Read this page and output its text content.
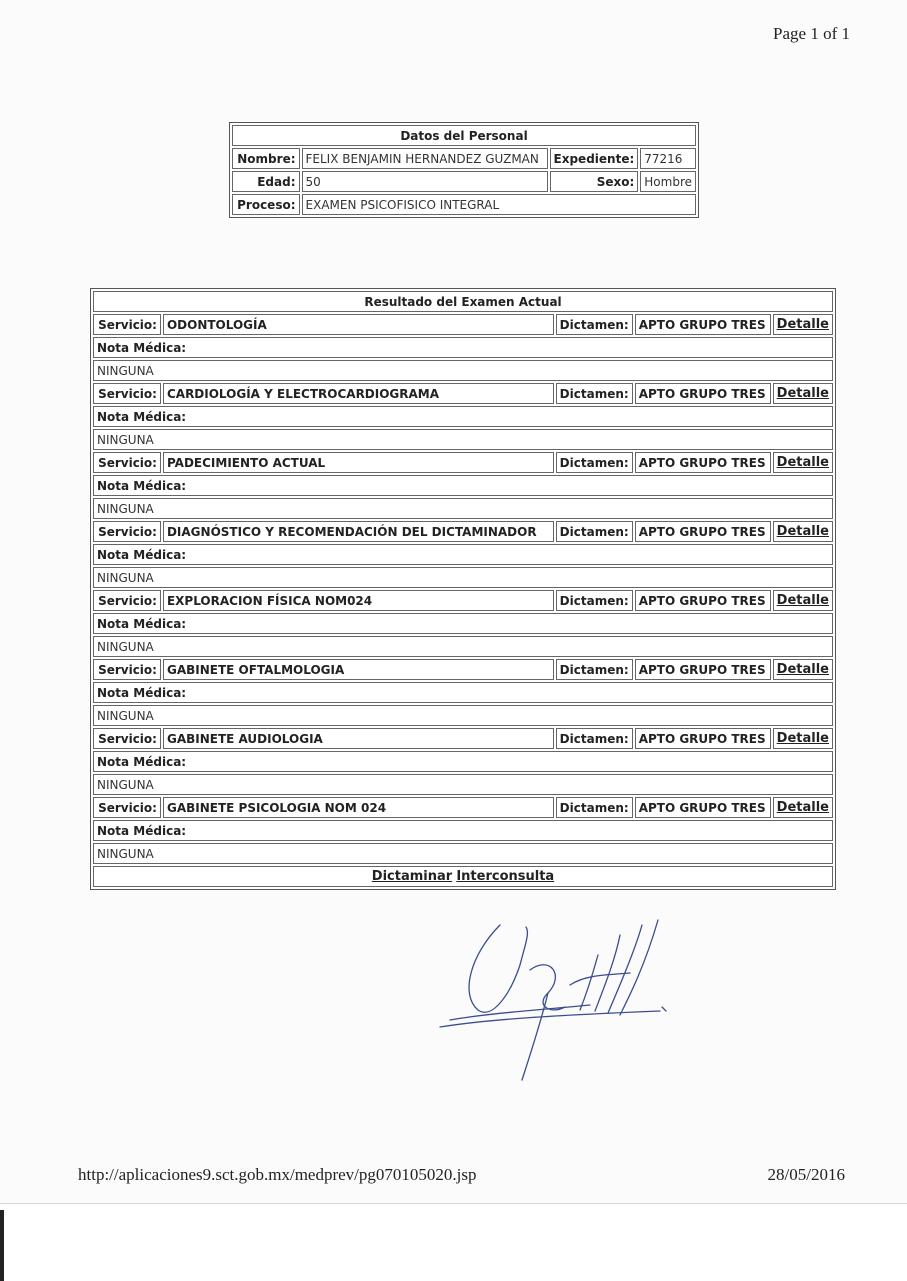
Page 1 of 1
Datos del Personal			
Nombre:	FELIX BENJAMIN HERNANDEZ GUZMAN	Expediente:	77216
Edad:	50	Sexo:	Hombre
Proceso:	EXAMEN PSICOFISICO INTEGRAL		
Resultado del Examen Actual				
Servicio:	ODONTOLOGÍA	Dictamen:	APTO GRUPO TRES	Detalle
Nota Médica:				
NINGUNA				
Servicio:	CARDIOLOGÍA Y ELECTROCARDIOGRAMA	Dictamen:	APTO GRUPO TRES	Detalle
Nota Médica:				
NINGUNA				
Servicio:	PADECIMIENTO ACTUAL	Dictamen:	APTO GRUPO TRES	Detalle
Nota Médica:				
NINGUNA				
Servicio:	DIAGNÓSTICO Y RECOMENDACIÓN DEL DICTAMINADOR	Dictamen:	APTO GRUPO TRES	Detalle
Nota Médica:				
NINGUNA				
Servicio:	EXPLORACION FÍSICA NOM024	Dictamen:	APTO GRUPO TRES	Detalle
Nota Médica:				
NINGUNA				
Servicio:	GABINETE OFTALMOLOGIA	Dictamen:	APTO GRUPO TRES	Detalle
Nota Médica:				
NINGUNA				
Servicio:	GABINETE AUDIOLOGIA	Dictamen:	APTO GRUPO TRES	Detalle
Nota Médica:				
NINGUNA				
Servicio:	GABINETE PSICOLOGIA NOM 024	Dictamen:	APTO GRUPO TRES	Detalle
Nota Médica:				
NINGUNA				
Dictaminar Interconsulta				
http://aplicaciones9.sct.gob.mx/medprev/pg070105020.jsp	28/05/2016
